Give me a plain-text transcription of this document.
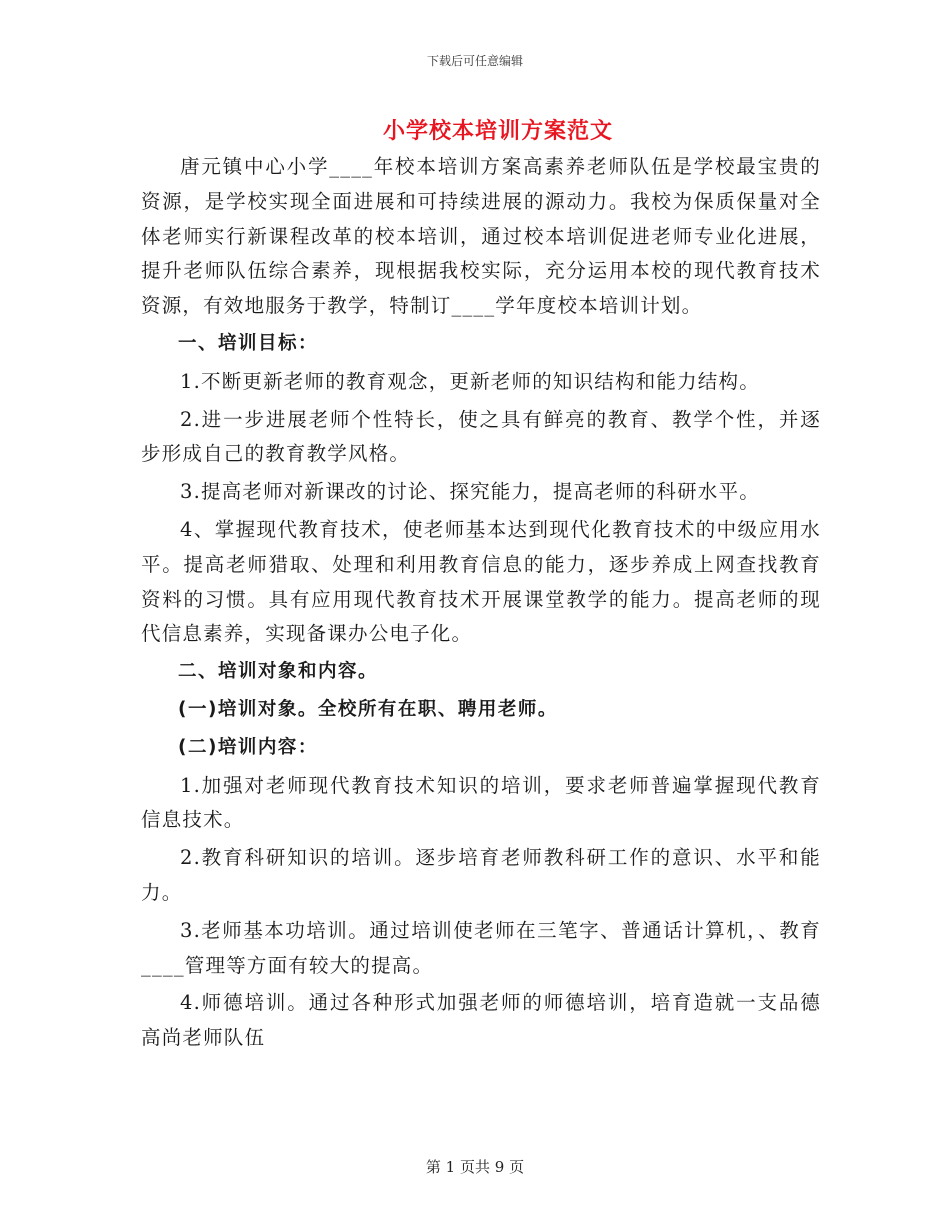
下载后可任意编辑
小学校本培训方案范文

唐元镇中心小学____年校本培训方案高素养老师队伍是学校最宝贵的资源，是学校实现全面进展和可持续进展的源动力。我校为保质保量对全体老师实行新课程改革的校本培训，通过校本培训促进老师专业化进展，提升老师队伍综合素养，现根据我校实际，充分运用本校的现代教育技术资源，有效地服务于教学，特制订____学年度校本培训计划。

一、培训目标：

1.不断更新老师的教育观念，更新老师的知识结构和能力结构。

2.进一步进展老师个性特长，使之具有鲜亮的教育、教学个性，并逐步形成自己的教育教学风格。

3.提高老师对新课改的讨论、探究能力，提高老师的科研水平。

4、掌握现代教育技术，使老师基本达到现代化教育技术的中级应用水平。提高老师猎取、处理和利用教育信息的能力，逐步养成上网查找教育资料的习惯。具有应用现代教育技术开展课堂教学的能力。提高老师的现代信息素养，实现备课办公电子化。

二、培训对象和内容。

(一)培训对象。全校所有在职、聘用老师。

(二)培训内容：

1.加强对老师现代教育技术知识的培训，要求老师普遍掌握现代教育信息技术。

2.教育科研知识的培训。逐步培育老师教科研工作的意识、水平和能力。

3.老师基本功培训。通过培训使老师在三笔字、普通话计算机，、教育____管理等方面有较大的提高。

4.师德培训。通过各种形式加强老师的师德培训，培育造就一支品德高尚老师队伍

第 1 页共 9 页
